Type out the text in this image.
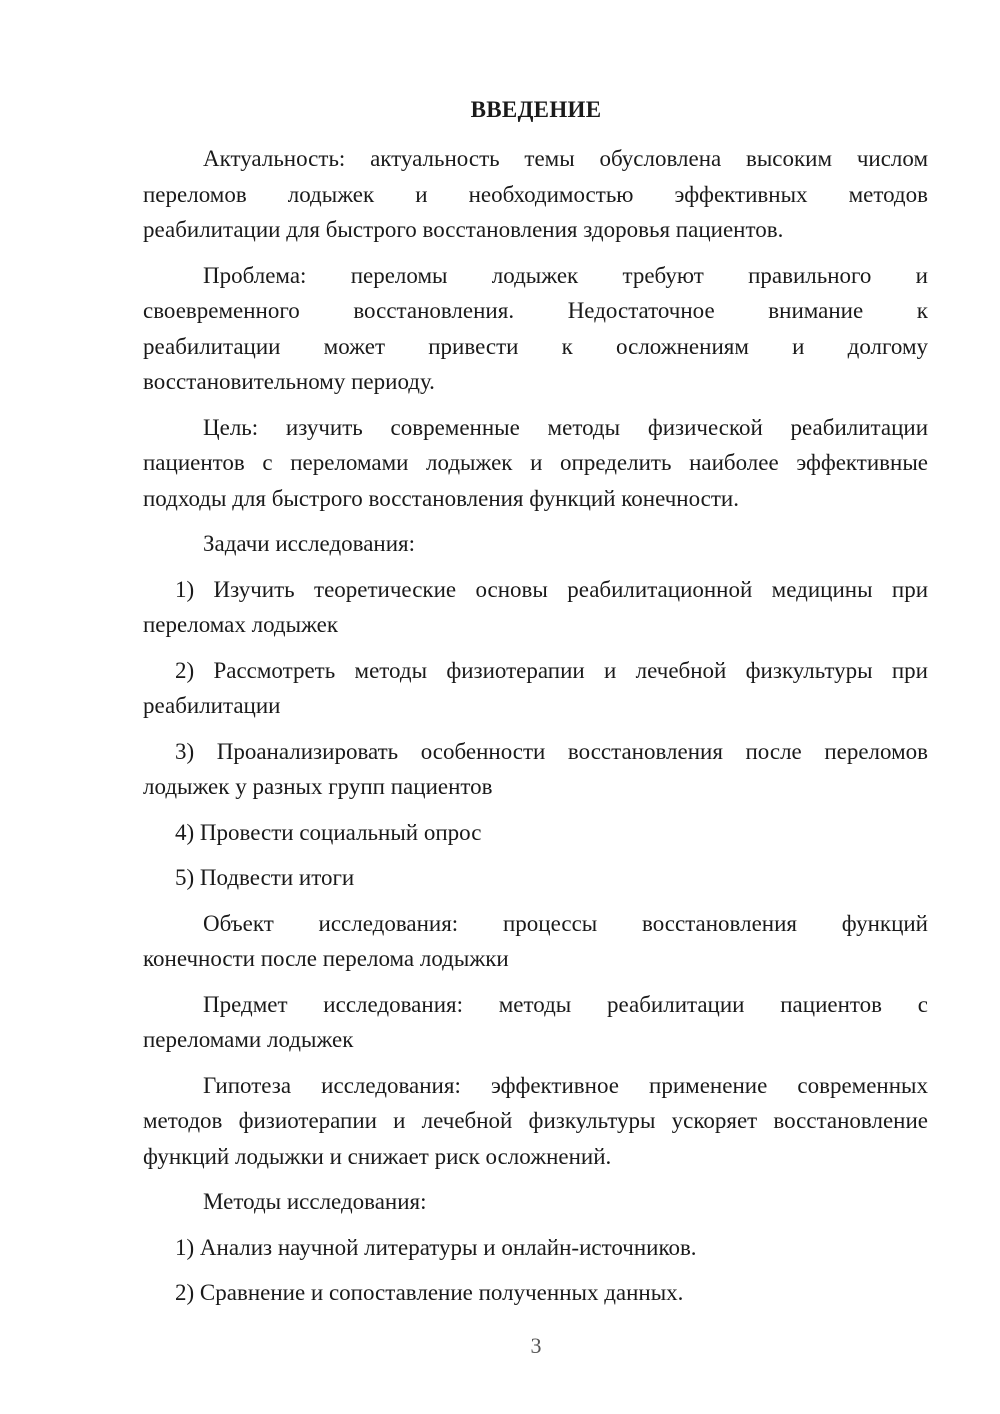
ВВЕДЕНИЕ
Актуальность: актуальность темы обусловлена высоким числом
переломов лодыжек и необходимостью эффективных методов
реабилитации для быстрого восстановления здоровья пациентов.
Проблема: переломы лодыжек требуют правильного и
своевременного восстановления. Недостаточное внимание к
реабилитации может привести к осложнениям и долгому
восстановительному периоду.
Цель: изучить современные методы физической реабилитации
пациентов с переломами лодыжек и определить наиболее эффективные
подходы для быстрого восстановления функций конечности.
Задачи исследования:
1) Изучить теоретические основы реабилитационной медицины при
переломах лодыжек
2) Рассмотреть методы физиотерапии и лечебной физкультуры при
реабилитации
3) Проанализировать особенности восстановления после переломов
лодыжек у разных групп пациентов
4) Провести социальный опрос
5) Подвести итоги
Объект исследования: процессы восстановления функций
конечности после перелома лодыжки
Предмет исследования: методы реабилитации пациентов с
переломами лодыжек
Гипотеза исследования: эффективное применение современных
методов физиотерапии и лечебной физкультуры ускоряет восстановление
функций лодыжки и снижает риск осложнений.
Методы исследования:
1) Анализ научной литературы и онлайн-источников.
2) Сравнение и сопоставление полученных данных.
3
